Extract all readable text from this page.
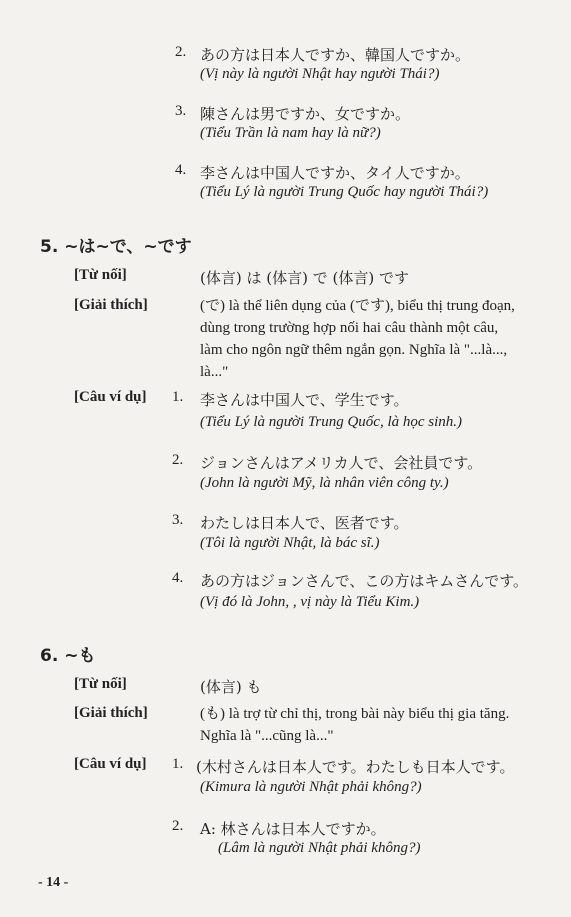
2. あの方は日本人ですか、韓国人ですか。
(Vị này là người Nhật hay người Thái?)
3. 陳さんは男ですか、女ですか。
(Tiểu Trần là nam hay là nữ?)
4. 李さんは中国人ですか、タイ人ですか。
(Tiểu Lý là người Trung Quốc hay người Thái?)
5. ~は~で、~です
[Từ nối]	(体言) は (体言) で (体言) です
[Giải thích]	(で) là thể liên dụng của (です), biểu thị trung đoạn,
dùng trong trường hợp nối hai câu thành một câu,
làm cho ngôn ngữ thêm ngắn gọn. Nghĩa là "...là...,
là..."
[Câu ví dụ] 1. 李さんは中国人で、学生です。
(Tiểu Lý là người Trung Quốc, là học sinh.)
2. ジョンさんはアメリカ人で、会社員です。
(John là người Mỹ, là nhân viên công ty.)
3. わたしは日本人で、医者です。
(Tôi là người Nhật, là bác sĩ.)
4. あの方はジョンさんで、この方はキムさんです。
(Vị đó là John, , vị này là Tiểu Kim.)
6. ~も
[Từ nối]	(体言) も
[Giải thích]	(も) là trợ từ chỉ thị, trong bài này biểu thị gia tăng.
Nghĩa là "...cũng là..."
[Câu ví dụ] 1. (木村さんは日本人です。わたしも日本人です。
(Kimura là người Nhật phải không?)
2. A: 林さんは日本人ですか。
(Lâm là người Nhật phải không?)
- 14 -
